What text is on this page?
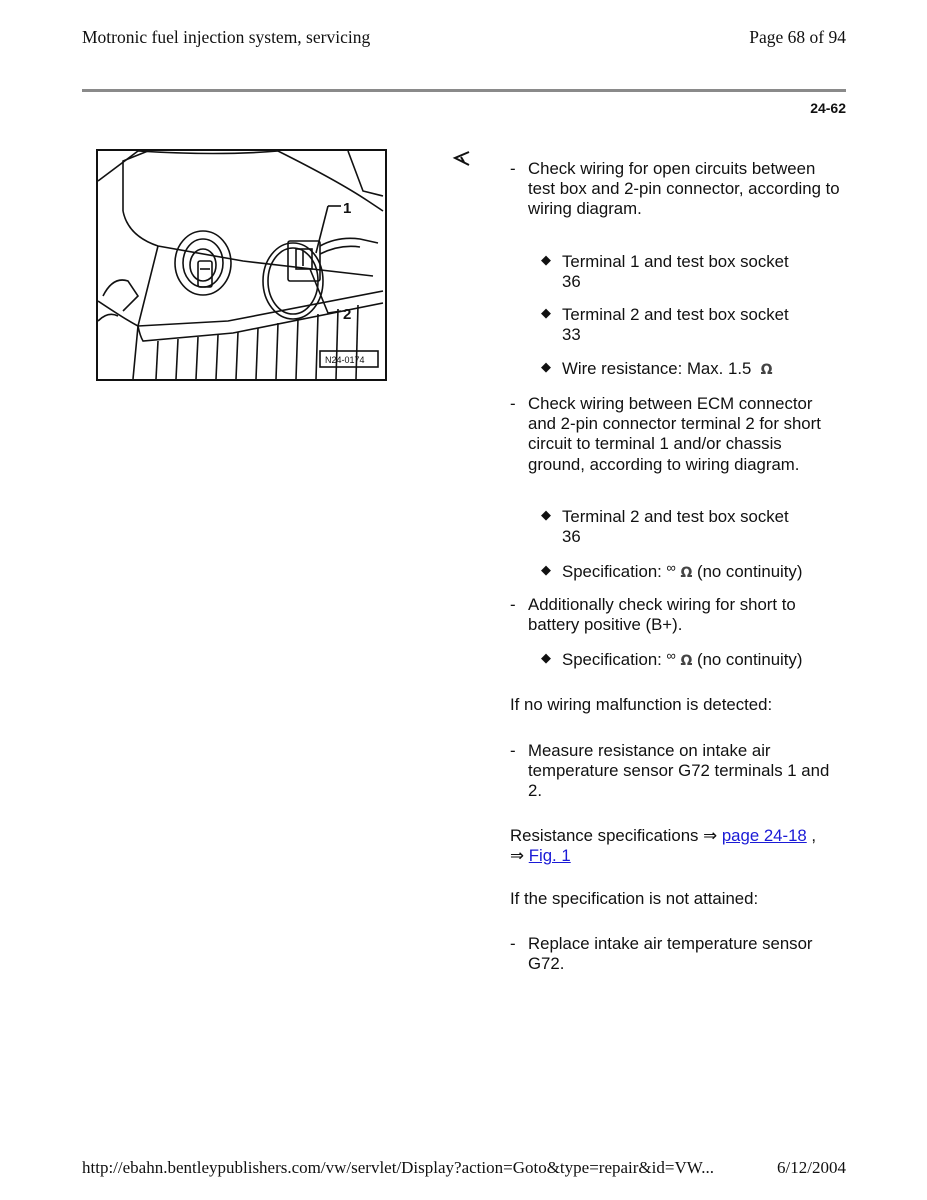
Motronic fuel injection system, servicing	Page 68 of 94
24-62
1
2
N24-0174
- Check wiring for open circuits between test box and 2-pin connector, according to wiring diagram.
◆ Terminal 1 and test box socket
36
◆ Terminal 2 and test box socket
33
◆ Wire resistance: Max. 1.5 Ω
- Check wiring between ECM connector and 2-pin connector terminal 2 for short circuit to terminal 1 and/or chassis ground, according to wiring diagram.
◆ Terminal 2 and test box socket
36
◆ Specification: ∞ Ω (no continuity)
- Additionally check wiring for short to battery positive (B+).
◆ Specification: ∞ Ω (no continuity)
If no wiring malfunction is detected:
- Measure resistance on intake air temperature sensor G72 terminals 1 and 2.
Resistance specifications ⇒ page 24-18 , ⇒ Fig. 1
If the specification is not attained:
- Replace intake air temperature sensor G72.
http://ebahn.bentleypublishers.com/vw/servlet/Display?action=Goto&type=repair&id=VW...	6/12/2004
